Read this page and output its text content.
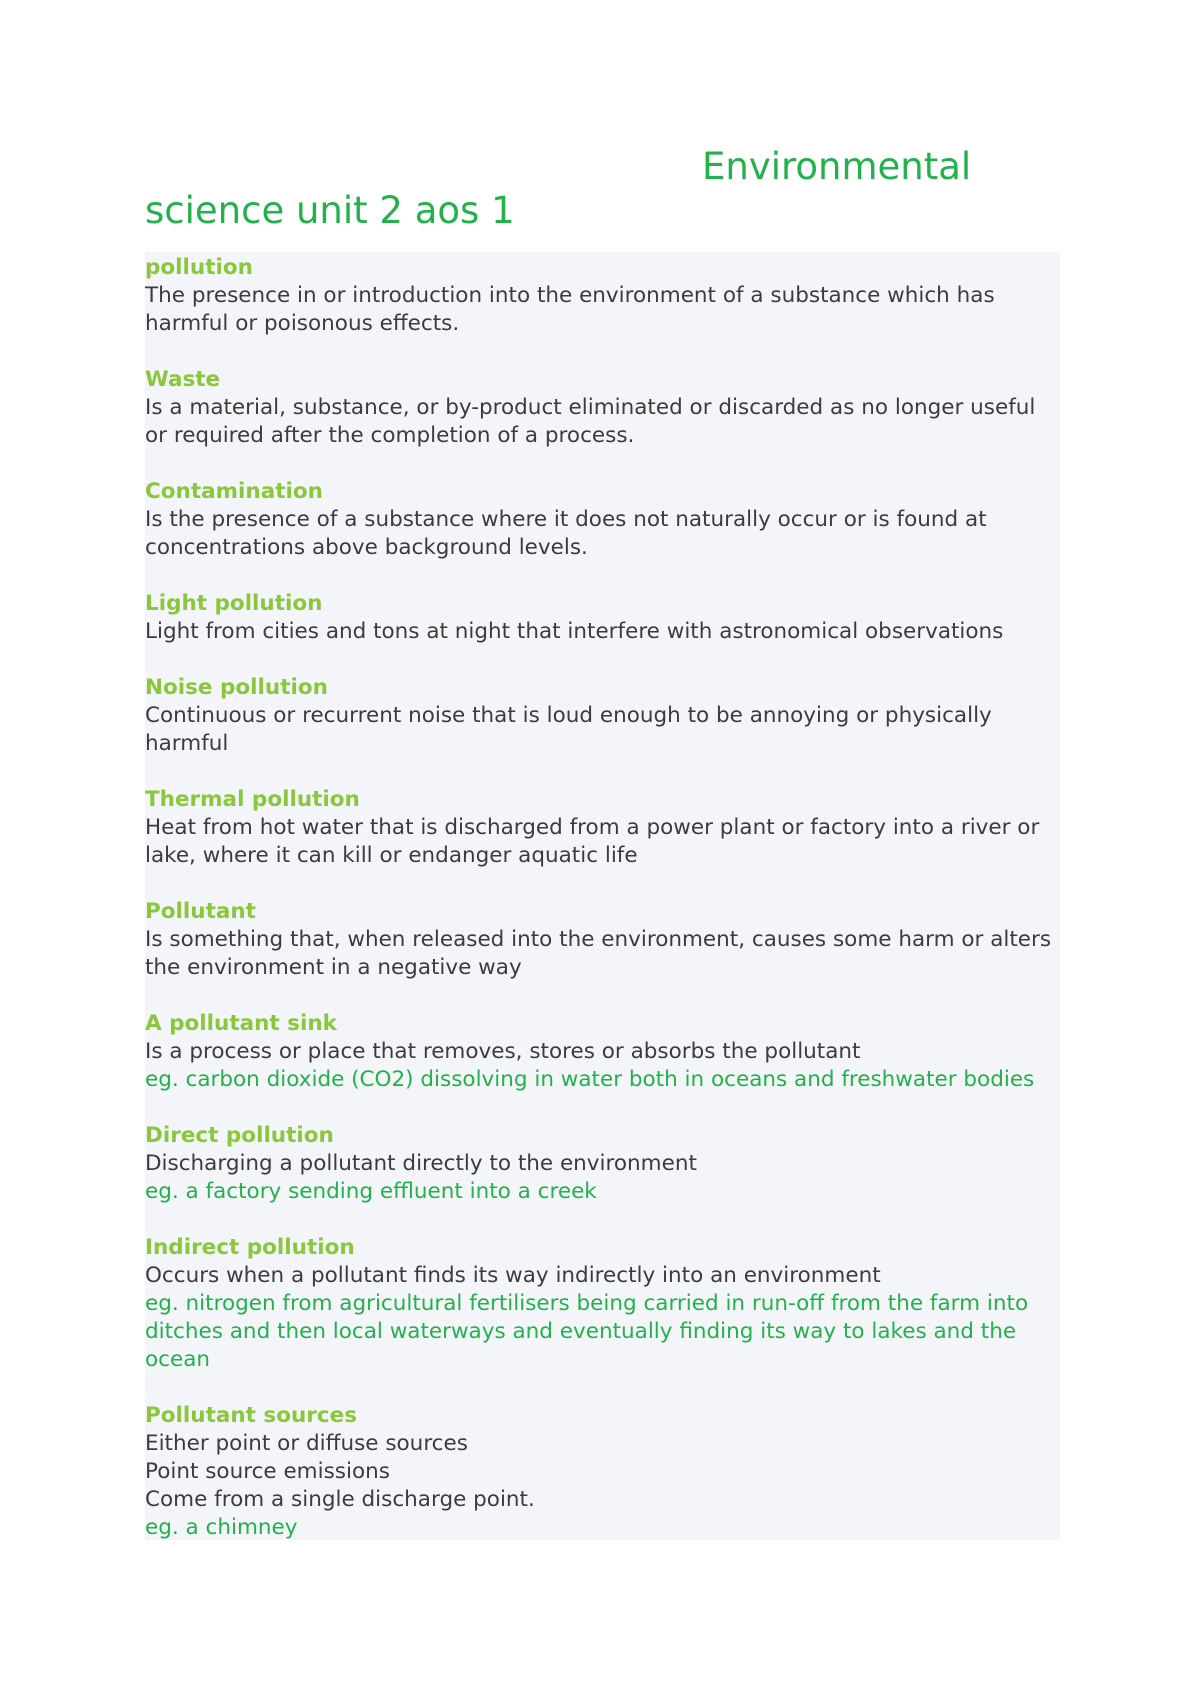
Environmental
science unit 2 aos 1
pollution
The presence in or introduction into the environment of a substance which has harmful or poisonous effects.
Waste
Is a material, substance, or by-product eliminated or discarded as no longer useful or required after the completion of a process.
Contamination
Is the presence of a substance where it does not naturally occur or is found at concentrations above background levels.
Light pollution
Light from cities and tons at night that interfere with astronomical observations
Noise pollution
Continuous or recurrent noise that is loud enough to be annoying or physically harmful
Thermal pollution
Heat from hot water that is discharged from a power plant or factory into a river or lake, where it can kill or endanger aquatic life
Pollutant
Is something that, when released into the environment, causes some harm or alters the environment in a negative way
A pollutant sink
Is a process or place that removes, stores or absorbs the pollutant
eg. carbon dioxide (CO2) dissolving in water both in oceans and freshwater bodies
Direct pollution
Discharging a pollutant directly to the environment
eg. a factory sending effluent into a creek
Indirect pollution
Occurs when a pollutant finds its way indirectly into an environment
eg. nitrogen from agricultural fertilisers being carried in run-off from the farm into ditches and then local waterways and eventually finding its way to lakes and the ocean
Pollutant sources
Either point or diffuse sources
Point source emissions
Come from a single discharge point.
eg. a chimney
